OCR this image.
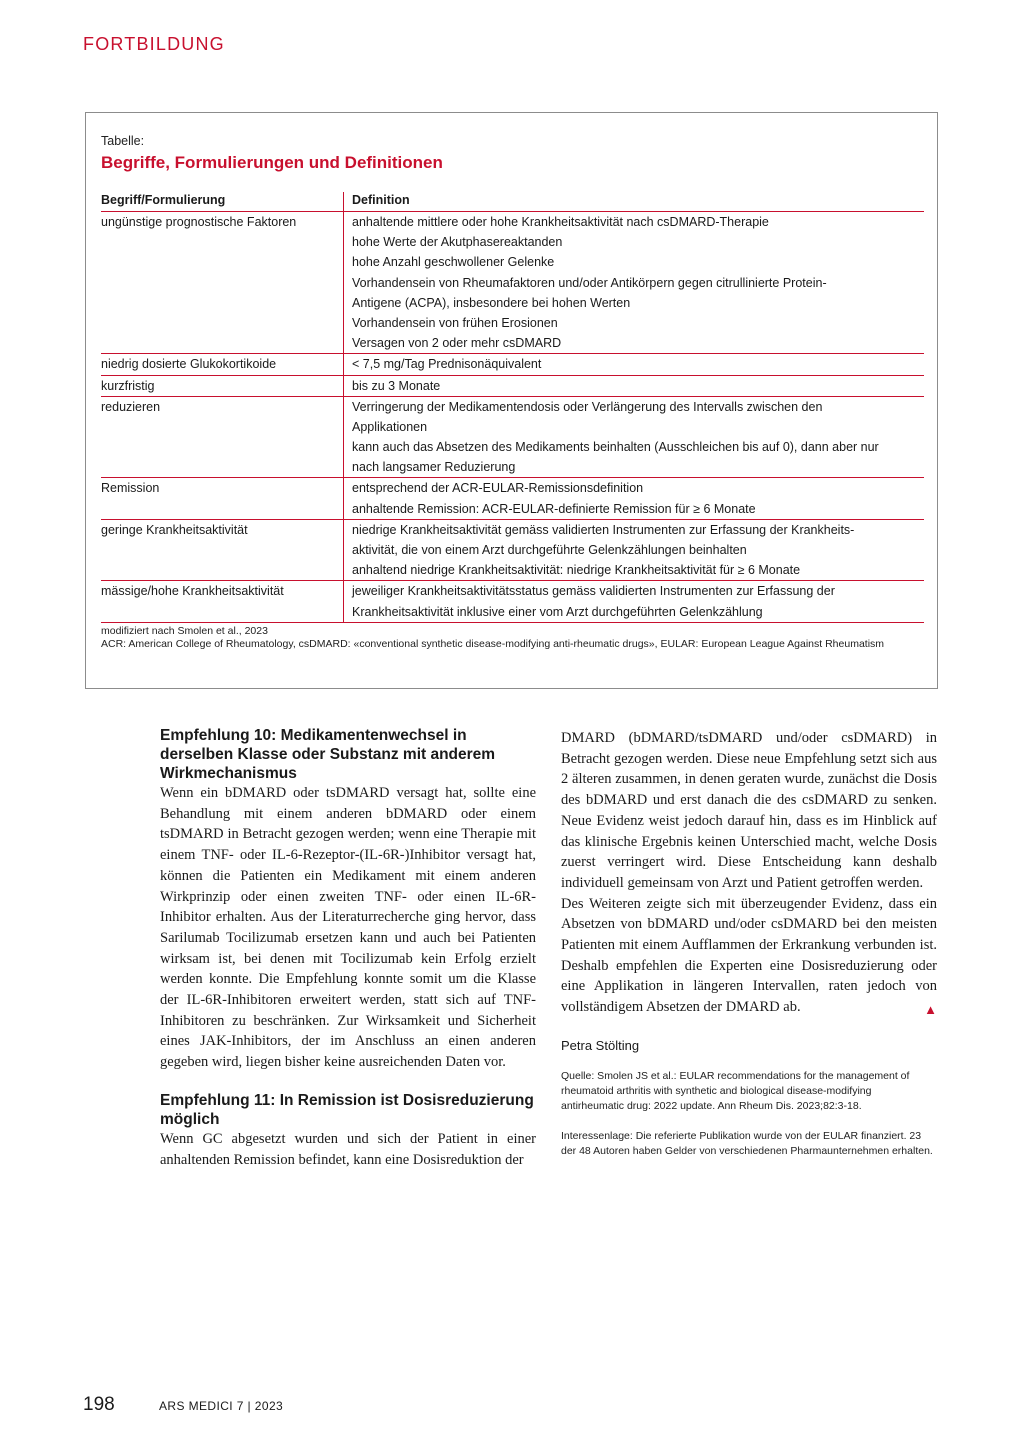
FORTBILDUNG
Tabelle:
Begriffe, Formulierungen und Definitionen
Begriff/Formulierung	Definition
ungünstige prognostische Faktoren	anhaltende mittlere oder hohe Krankheitsaktivität nach csDMARD-Therapie
hohe Werte der Akutphasereaktanden
hohe Anzahl geschwollener Gelenke
Vorhandensein von Rheumafaktoren und/oder Antikörpern gegen citrullinierte Protein-
Antigene (ACPA), insbesondere bei hohen Werten
Vorhandensein von frühen Erosionen
Versagen von 2 oder mehr csDMARD
niedrig dosierte Glukokortikoide	< 7,5 mg/Tag Prednisonäquivalent
kurzfristig	bis zu 3 Monate
reduzieren	Verringerung der Medikamentendosis oder Verlängerung des Intervalls zwischen den
Applikationen
kann auch das Absetzen des Medikaments beinhalten (Ausschleichen bis auf 0), dann aber nur
nach langsamer Reduzierung
Remission	entsprechend der ACR-EULAR-Remissionsdefinition
anhaltende Remission: ACR-EULAR-definierte Remission für ≥ 6 Monate
geringe Krankheitsaktivität	niedrige Krankheitsaktivität gemäss validierten Instrumenten zur Erfassung der Krankheits-
aktivität, die von einem Arzt durchgeführte Gelenkzählungen beinhalten
anhaltend niedrige Krankheitsaktivität: niedrige Krankheitsaktivität für ≥ 6 Monate
mässige/hohe Krankheitsaktivität	jeweiliger Krankheitsaktivitätsstatus gemäss validierten Instrumenten zur Erfassung der
Krankheitsaktivität inklusive einer vom Arzt durchgeführten Gelenkzählung

modifiziert nach Smolen et al., 2023

ACR: American College of Rheumatology, csDMARD: «conventional synthetic disease-modifying anti-rheumatic drugs», EULAR: European League Against Rheumatism

Empfehlung 10: Medikamentenwechsel in derselben Klasse oder Substanz mit anderem Wirkmechanismus

Wenn ein bDMARD oder tsDMARD versagt hat, sollte eine Behandlung mit einem anderen bDMARD oder einem tsDMARD in Betracht gezogen werden; wenn eine Therapie mit einem TNF- oder IL-6-Rezeptor-(IL-6R-)Inhibitor versagt hat, können die Patienten ein Medikament mit einem anderen Wirkprinzip oder einen zweiten TNF- oder einen IL-6R-Inhibitor erhalten. Aus der Literaturrecherche ging hervor, dass Sarilumab Tocilizumab ersetzen kann und auch bei Patienten wirksam ist, bei denen mit Tocilizumab kein Erfolg erzielt werden konnte. Die Empfehlung konnte somit um die Klasse der IL-6R-Inhibitoren erweitert werden, statt sich auf TNF-Inhibitoren zu beschränken. Zur Wirksamkeit und Sicherheit eines JAK-Inhibitors, der im Anschluss an einen anderen gegeben wird, liegen bisher keine ausreichenden Daten vor.

Empfehlung 11: In Remission ist Dosisreduzierung möglich

Wenn GC abgesetzt wurden und sich der Patient in einer anhaltenden Remission befindet, kann eine Dosisreduktion der

DMARD (bDMARD/tsDMARD und/oder csDMARD) in Betracht gezogen werden. Diese neue Empfehlung setzt sich aus 2 älteren zusammen, in denen geraten wurde, zunächst die Dosis des bDMARD und erst danach die des csDMARD zu senken. Neue Evidenz weist jedoch darauf hin, dass es im Hinblick auf das klinische Ergebnis keinen Unterschied macht, welche Dosis zuerst verringert wird. Diese Entscheidung kann deshalb individuell gemeinsam von Arzt und Patient getroffen werden.

Des Weiteren zeigte sich mit überzeugender Evidenz, dass ein Absetzen von bDMARD und/oder csDMARD bei den meisten Patienten mit einem Aufflammen der Erkrankung verbunden ist. Deshalb empfehlen die Experten eine Dosisreduzierung oder eine Applikation in längeren Intervallen, raten jedoch von vollständigem Absetzen der DMARD ab.	▲

Petra Stölting
Quelle: Smolen JS et al.: EULAR recommendations for the management of rheumatoid arthritis with synthetic and biological disease-modifying antirheumatic drug: 2022 update. Ann Rheum Dis. 2023;82:3-18.
Interessenlage: Die referierte Publikation wurde von der EULAR finanziert. 23 der 48 Autoren haben Gelder von verschiedenen Pharmaunternehmen erhalten.
198	ARS MEDICI 7 | 2023
